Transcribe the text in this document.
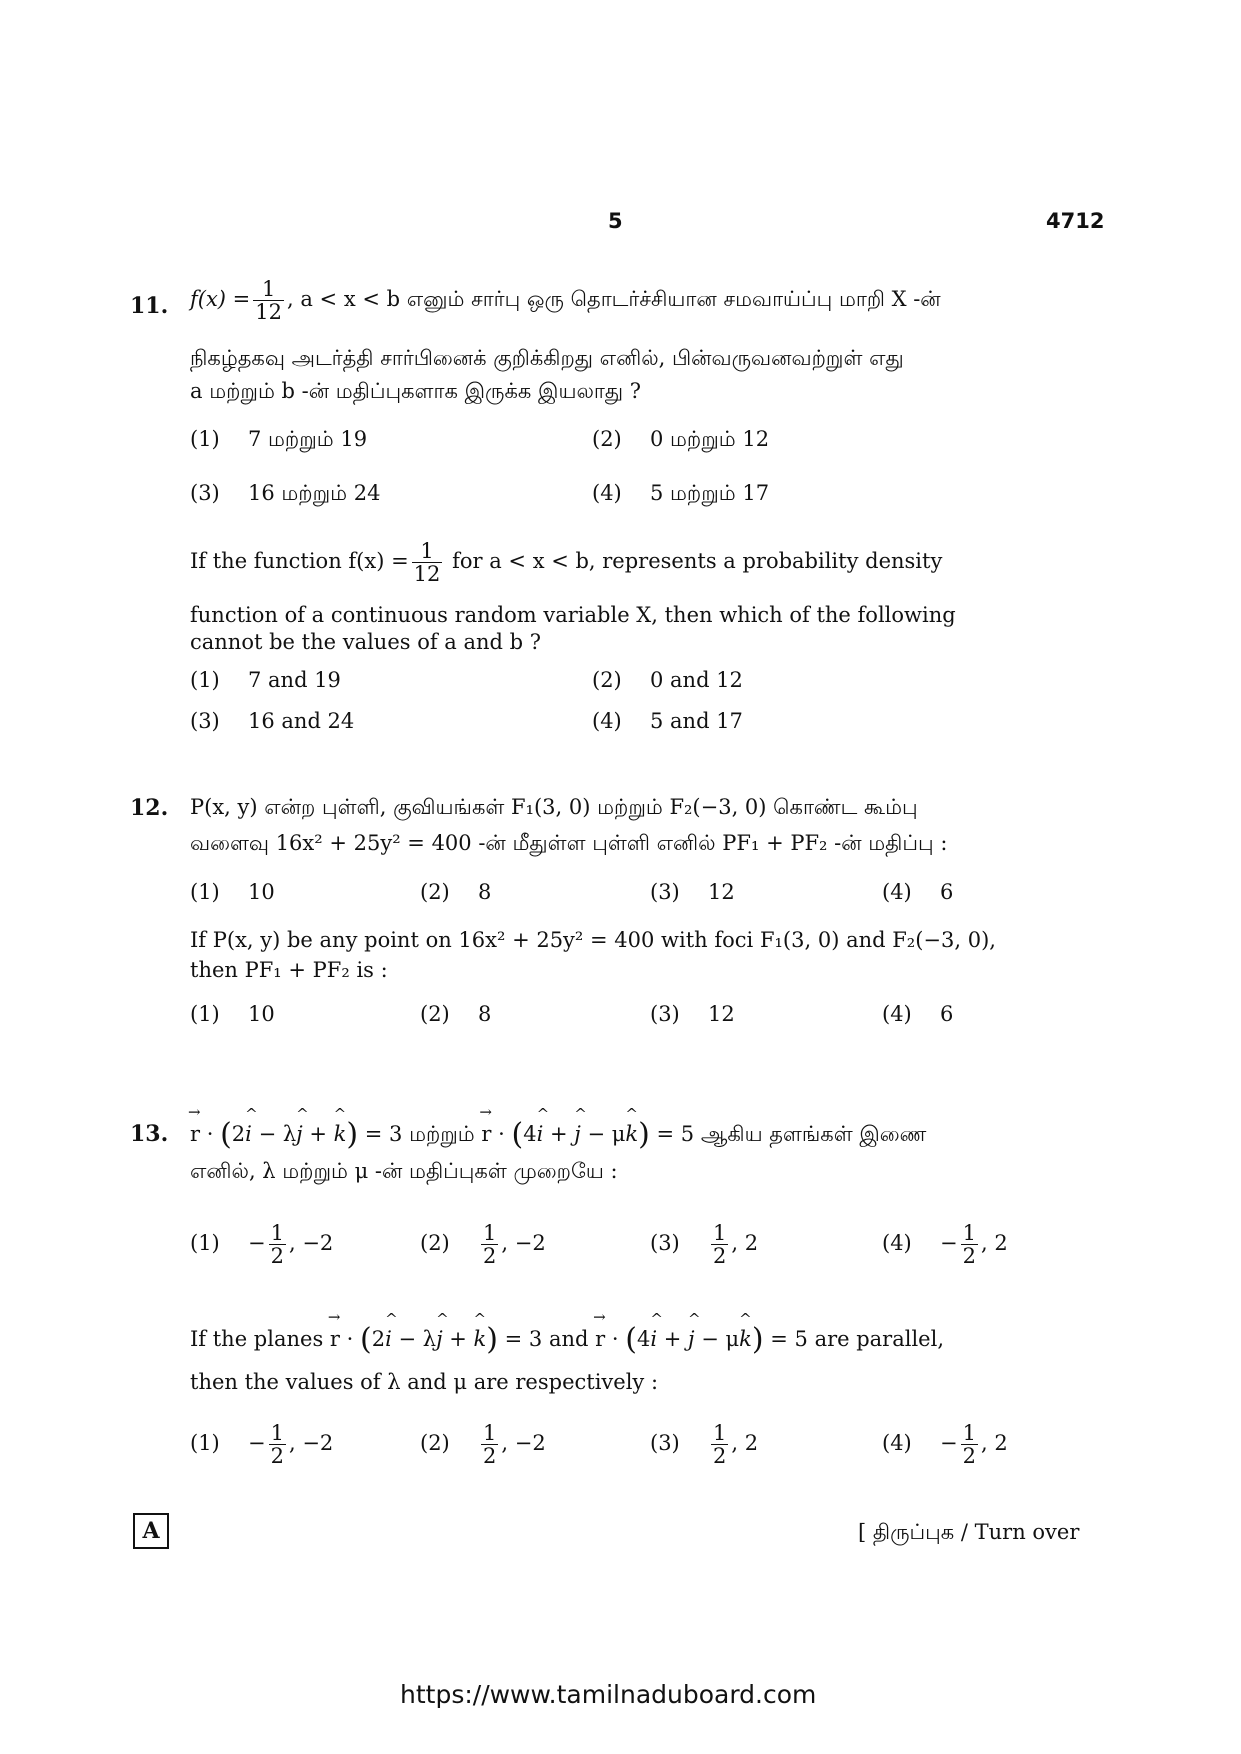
5	4712
11. $f(x) = \frac{1}{12}$ , a < x < b எனும் சார்பு ஒரு தொடர்ச்சியான சமவாய்ப்பு மாறி X -ன்
நிகழ்தகவு அடர்த்தி சார்பினைக் குறிக்கிறது எனில், பின்வருவனவற்றுள் எது
a மற்றும் b -ன் மதிப்புகளாக இருக்க இயலாது ?
(1) 7 மற்றும் 19	(2) 0 மற்றும் 12
(3) 16 மற்றும் 24	(4) 5 மற்றும் 17
If the function $f(x) = \frac{1}{12}$ for a < x < b, represents a probability density
function of a continuous random variable X, then which of the following
cannot be the values of a and b ?
(1) 7 and 19	(2) 0 and 12
(3) 16 and 24	(4) 5 and 17
12. P(x, y) என்ற புள்ளி, குவியங்கள் F₁(3, 0) மற்றும் F₂(−3, 0) கொண்ட கூம்பு
வளைவு 16x² + 25y² = 400 -ன் மீதுள்ள புள்ளி எனில் PF₁ + PF₂ -ன் மதிப்பு :
(1) 10	(2) 8	(3) 12	(4) 6
If P(x, y) be any point on 16x² + 25y² = 400 with foci F₁(3, 0) and F₂(−3, 0),
then PF₁ + PF₂ is :
(1) 10	(2) 8	(3) 12	(4) 6
13. → r · (2^ i − λ^ j + ^ k) = 3 மற்றும் → r · (4^ i + ^ j − μ^ k) = 5 ஆகிய தளங்கள் இணை
எனில், λ மற்றும் μ -ன் மதிப்புகள் முறையே :
$(1) - \frac{1}{2}$ , −2	$(2) \frac{1}{2}$ , −2	$(3) \frac{1}{2}$ , 2	$(4) - \frac{1}{2}$ , 2
If the planes → r · (2^ i − λ^ j + ^ k) = 3 and → r · (4^ i + ^ j − μ^ k) = 5 are parallel,
then the values of λ and μ are respectively :
$(1) - \frac{1}{2}$ , −2	$(2) \frac{1}{2}$ , −2	$(3) \frac{1}{2}$ , 2	$(4) - \frac{1}{2}$ , 2
A	[ திருப்புக / Turn over
https://www.tamilnaduboard.com
